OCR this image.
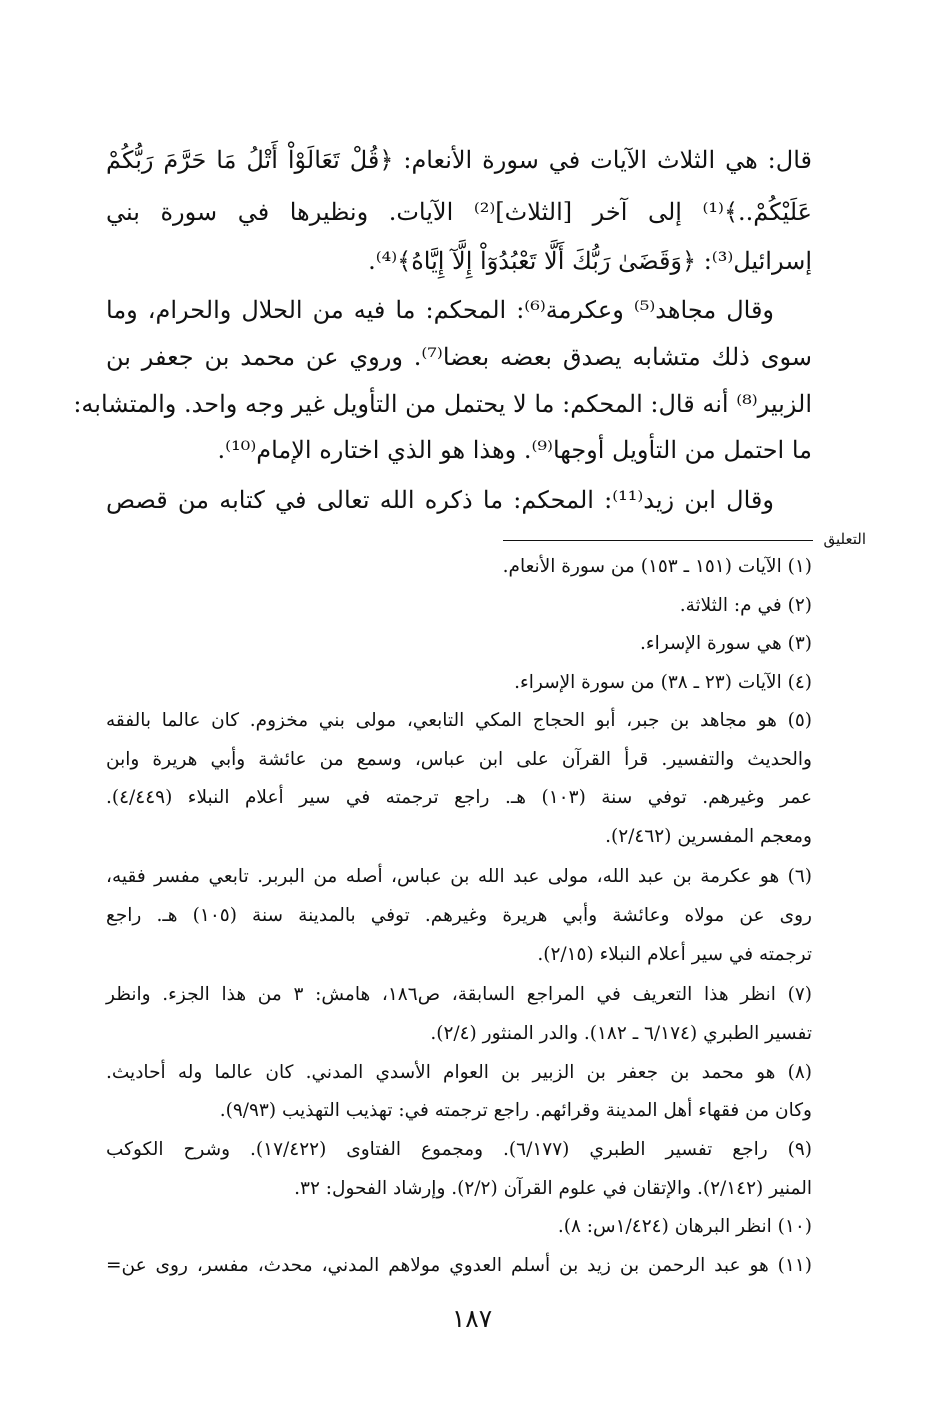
قال: هي الثلاث الآيات في سورة الأنعام: ﴿قُلْ تَعَالَوْاْ أَتْلُ مَا حَرَّمَ رَبُّكُمْ
عَلَيْكُمْ..﴾⁽¹⁾ إلى آخر [الثلاث]⁽²⁾ الآيات. ونظيرها في سورة بني
إسرائيل⁽³⁾: ﴿وَقَضَىٰ رَبُّكَ أَلَّا تَعْبُدُوٓاْ إِلَّآ إِيَّاهُ﴾⁽⁴⁾.
وقال مجاهد⁽⁵⁾ وعكرمة⁽⁶⁾: المحكم: ما فيه من الحلال والحرام، وما
سوى ذلك متشابه يصدق بعضه بعضا⁽⁷⁾. وروي عن محمد بن جعفر بن
الزبير⁽⁸⁾ أنه قال: المحكم: ما لا يحتمل من التأويل غير وجه واحد. والمتشابه:
ما احتمل من التأويل أوجها⁽⁹⁾. وهذا هو الذي اختاره الإمام⁽¹⁰⁾.
وقال ابن زيد⁽¹¹⁾: المحكم: ما ذكره الله تعالى في كتابه من قصص
التعليق
(١) الآيات (١٥١ ـ ١٥٣) من سورة الأنعام.
(٢) في م: الثلاثة.
(٣) هي سورة الإسراء.
(٤) الآيات (٢٣ ـ ٣٨) من سورة الإسراء.
(٥) هو مجاهد بن جبر، أبو الحجاج المكي التابعي، مولى بني مخزوم. كان عالما بالفقه
والحديث والتفسير. قرأ القرآن على ابن عباس، وسمع من عائشة وأبي هريرة وابن
عمر وغيرهم. توفي سنة (١٠٣) هـ. راجع ترجمته في سير أعلام النبلاء (٤/٤٤٩).
ومعجم المفسرين (٢/٤٦٢).
(٦) هو عكرمة بن عبد الله، مولى عبد الله بن عباس، أصله من البربر. تابعي مفسر فقيه،
روى عن مولاه وعائشة وأبي هريرة وغيرهم. توفي بالمدينة سنة (١٠٥) هـ. راجع
ترجمته في سير أعلام النبلاء (٢/١٥).
(٧) انظر هذا التعريف في المراجع السابقة، ص١٨٦، هامش: ٣ من هذا الجزء. وانظر
تفسير الطبري (٦/١٧٤ ـ ١٨٢). والدر المنثور (٢/٤).
(٨) هو محمد بن جعفر بن الزبير بن العوام الأسدي المدني. كان عالما وله أحاديث.
وكان من فقهاء أهل المدينة وقرائهم. راجع ترجمته في: تهذيب التهذيب (٩/٩٣).
(٩) راجع تفسير الطبري (٦/١٧٧). ومجموع الفتاوى (١٧/٤٢٢). وشرح الكوكب
المنير (٢/١٤٢). والإتقان في علوم القرآن (٢/٢). وإرشاد الفحول: ٣٢.
(١٠) انظر البرهان (١/٤٢٤س: ٨).
(١١) هو عبد الرحمن بن زيد بن أسلم العدوي مولاهم المدني، محدث، مفسر، روى عن=
١٨٧
